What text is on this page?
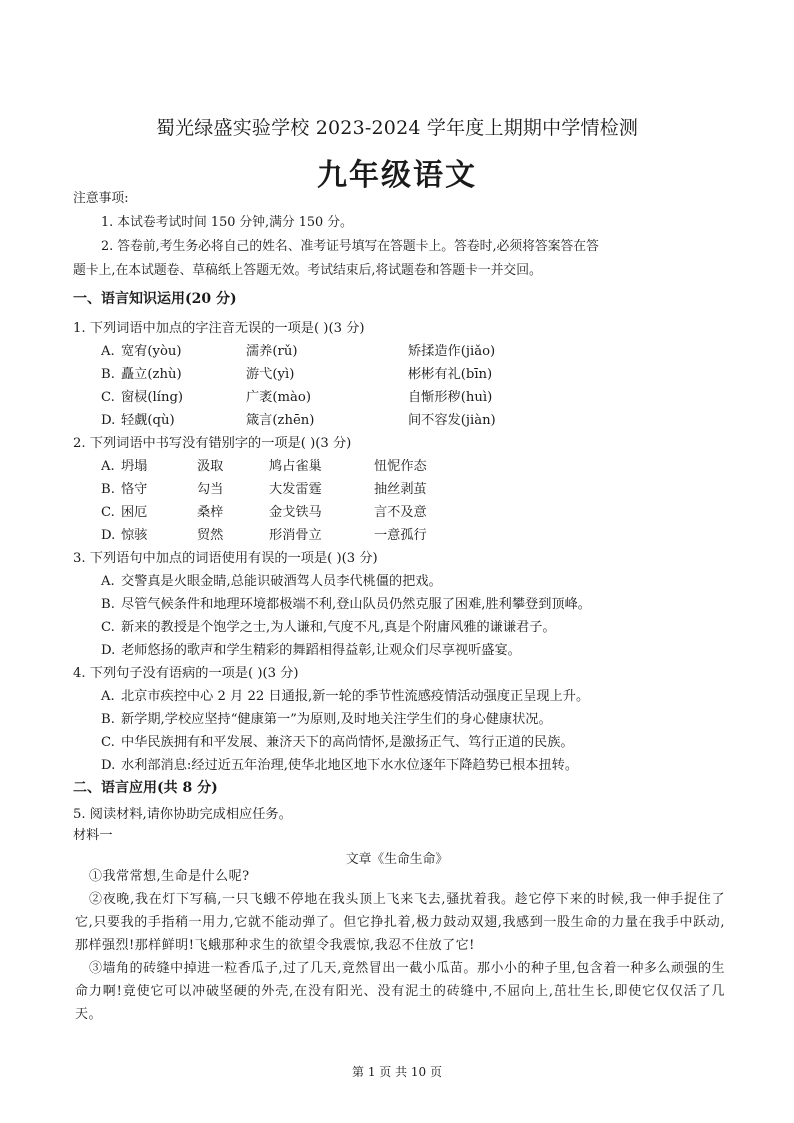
蜀光绿盛实验学校 2023-2024 学年度上期期中学情检测
九年级语文
注意事项:
1. 本试卷考试时间 150 分钟,满分 150 分。
2. 答卷前,考生务必将自己的姓名、准考证号填写在答题卡上。答卷时,必须将答案答在答
题卡上,在本试题卷、草稿纸上答题无效。考试结束后,将试题卷和答题卡一并交回。
一、语言知识运用(20 分)
1. 下列词语中加点的字注音无误的一项是( )(3 分)
A. 宽宥(yòu)	濡养(rǔ)	矫揉造作(jiǎo)
B. 矗立(zhù)	游弋(yì)	彬彬有礼(bīn)
C. 窗棂(líng)	广袤(mào)	自惭形秽(huì)
D. 轻觑(qù)	箴言(zhēn)	间不容发(jiàn)
2. 下列词语中书写没有错别字的一项是( )(3 分)
A. 坍塌	汲取	鸠占雀巢	忸怩作态
B. 恪守	勾当	大发雷霆	抽丝剥茧
C. 困厄	桑梓	金戈铁马	言不及意
D. 惊骇	贸然	形消骨立	一意孤行
3. 下列语句中加点的词语使用有误的一项是( )(3 分)
A. 交警真是火眼金睛,总能识破酒驾人员李代桃僵的把戏。
B. 尽管气候条件和地理环境都极端不利,登山队员仍然克服了困难,胜利攀登到顶峰。
C. 新来的教授是个饱学之士,为人谦和,气度不凡,真是个附庸风雅的谦谦君子。
D. 老师悠扬的歌声和学生精彩的舞蹈相得益彰,让观众们尽享视听盛宴。
4. 下列句子没有语病的一项是( )(3 分)
A. 北京市疾控中心 2 月 22 日通报,新一轮的季节性流感疫情活动强度正呈现上升。
B. 新学期,学校应坚持“健康第一”为原则,及时地关注学生们的身心健康状况。
C. 中华民族拥有和平发展、兼济天下的高尚情怀,是激扬正气、笃行正道的民族。
D. 水利部消息:经过近五年治理,使华北地区地下水水位逐年下降趋势已根本扭转。
二、语言应用(共 8 分)
5. 阅读材料,请你协助完成相应任务。
材料一
文章《生命生命》
①我常常想,生命是什么呢?
②夜晚,我在灯下写稿,一只飞蛾不停地在我头顶上飞来飞去,骚扰着我。趁它停下来的时候,我一伸手捉住了它,只要我的手指稍一用力,它就不能动弹了。但它挣扎着,极力鼓动双翅,我感到一股生命的力量在我手中跃动,那样强烈!那样鲜明!飞蛾那种求生的欲望令我震惊,我忍不住放了它!
③墙角的砖缝中掉进一粒香瓜子,过了几天,竟然冒出一截小瓜苗。那小小的种子里,包含着一种多么顽强的生命力啊!竟使它可以冲破坚硬的外壳,在没有阳光、没有泥土的砖缝中,不屈向上,茁壮生长,即使它仅仅活了几天。
第 1 页 共 10 页
